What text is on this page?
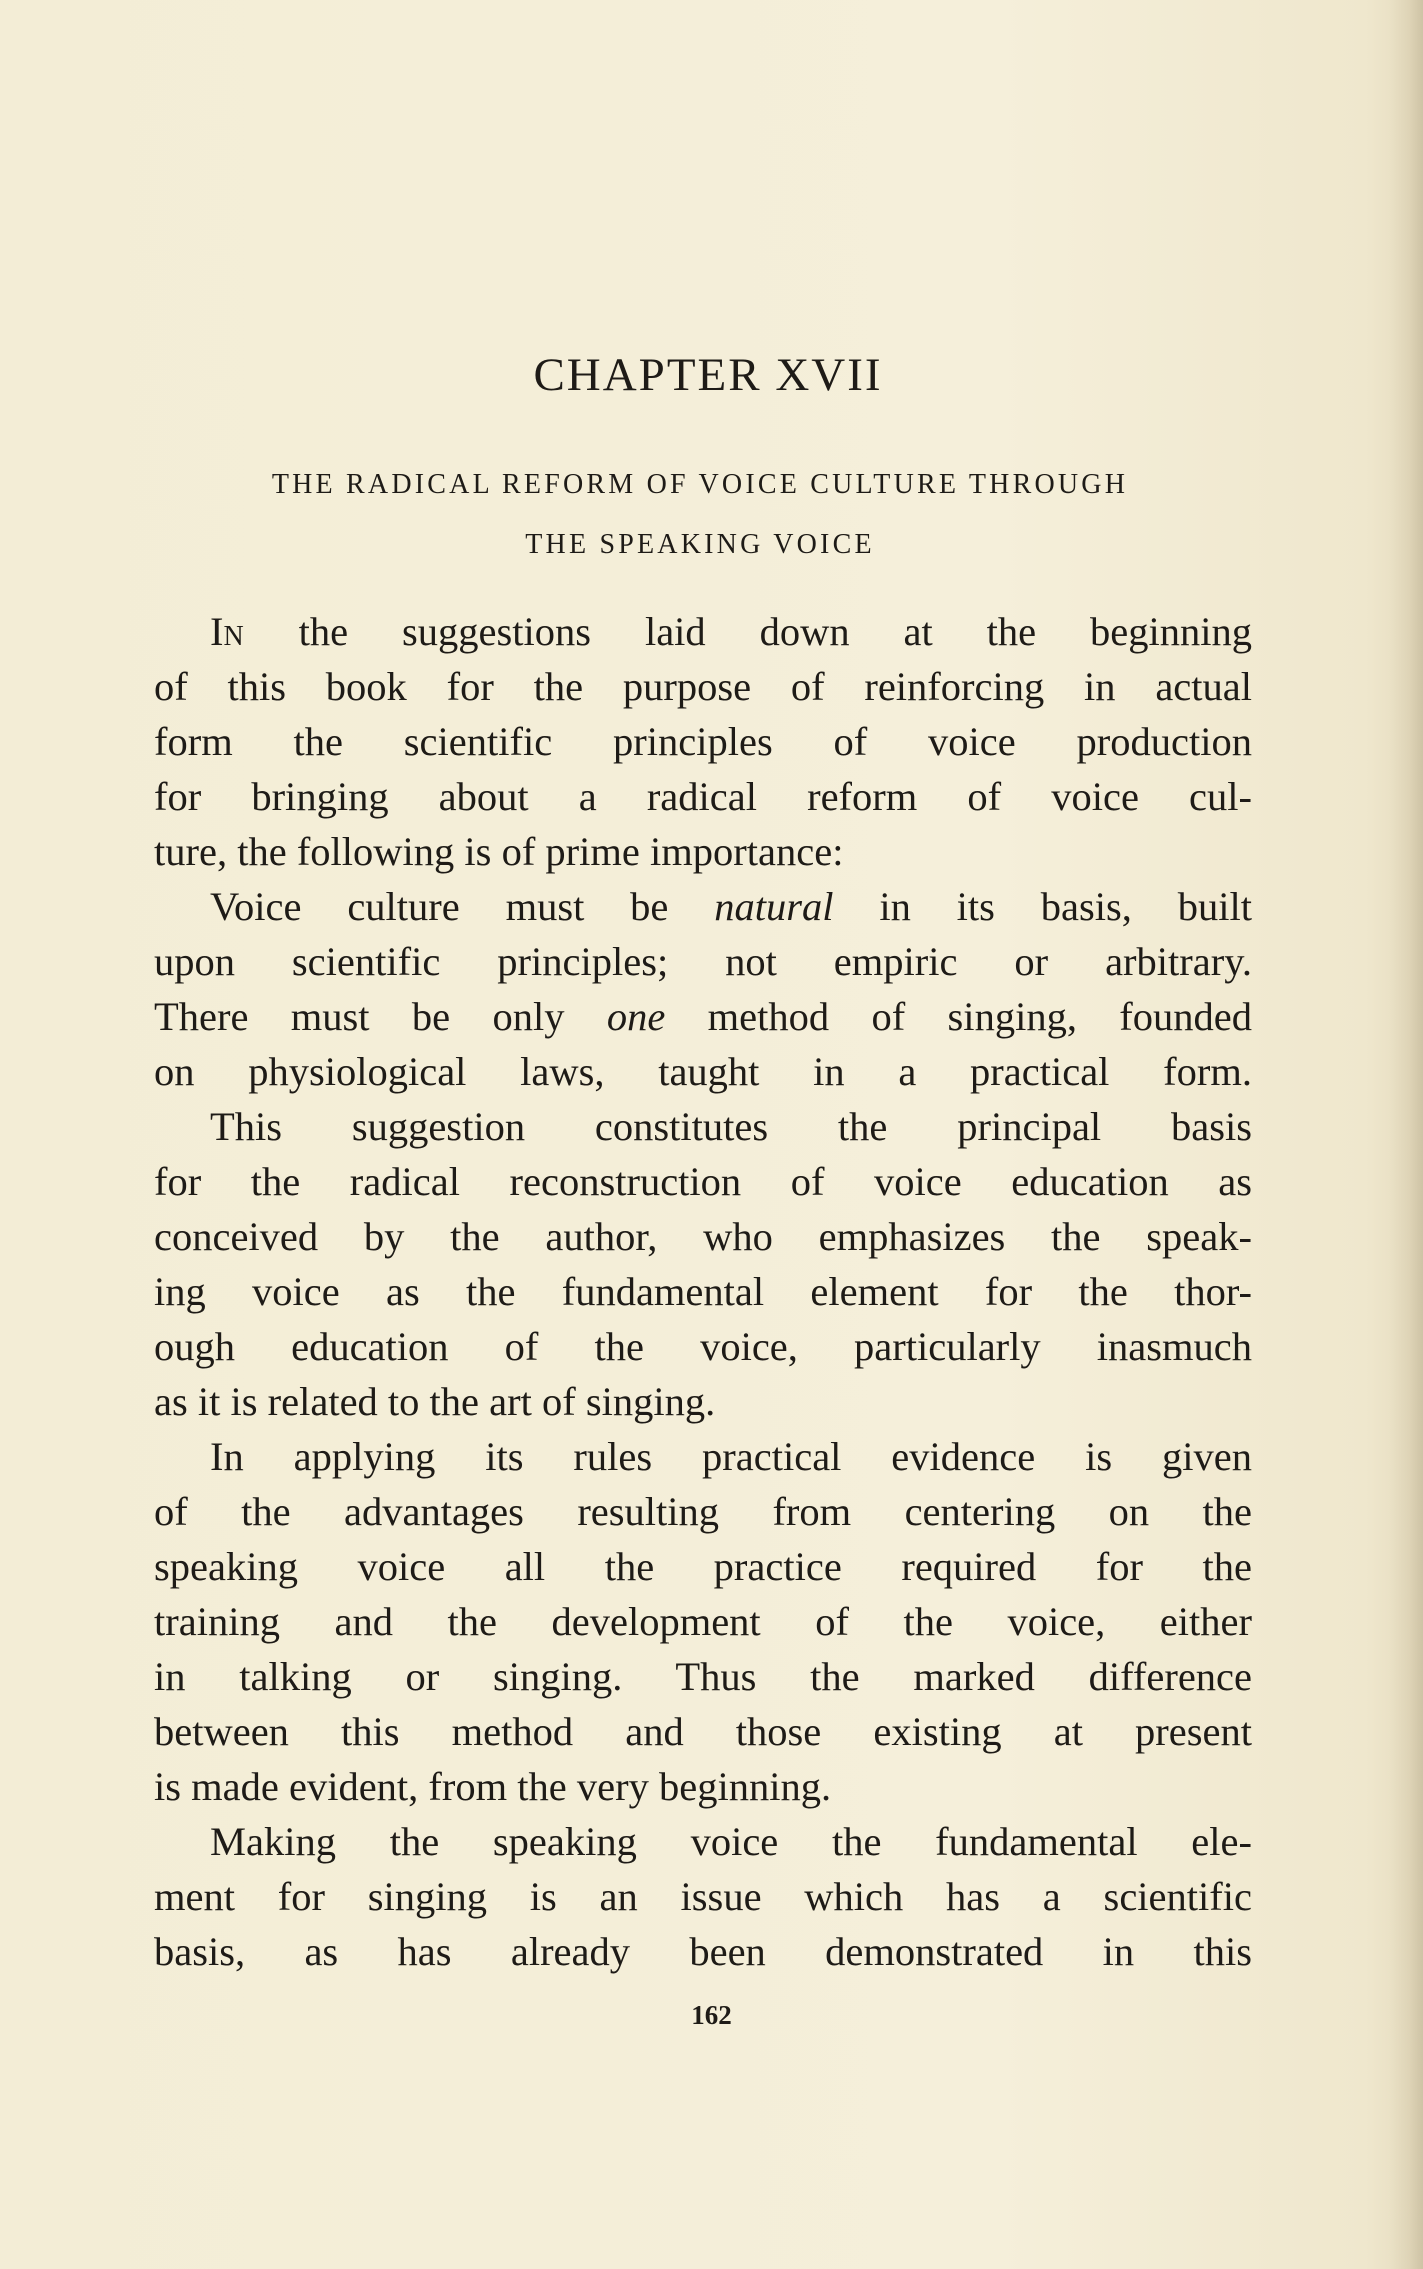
CHAPTER XVII
THE RADICAL REFORM OF VOICE CULTURE THROUGH
THE SPEAKING VOICE
IN the suggestions laid down at the beginning
of this book for the purpose of reinforcing in actual
form the scientific principles of voice production
for bringing about a radical reform of voice cul-
ture, the following is of prime importance:
Voice culture must be natural in its basis, built
upon scientific principles; not empiric or arbitrary.
There must be only one method of singing, founded
on physiological laws, taught in a practical form.
This suggestion constitutes the principal basis
for the radical reconstruction of voice education as
conceived by the author, who emphasizes the speak-
ing voice as the fundamental element for the thor-
ough education of the voice, particularly inasmuch
as it is related to the art of singing.
In applying its rules practical evidence is given
of the advantages resulting from centering on the
speaking voice all the practice required for the
training and the development of the voice, either
in talking or singing. Thus the marked difference
between this method and those existing at present
is made evident, from the very beginning.
Making the speaking voice the fundamental ele-
ment for singing is an issue which has a scientific
basis, as has already been demonstrated in this
162
